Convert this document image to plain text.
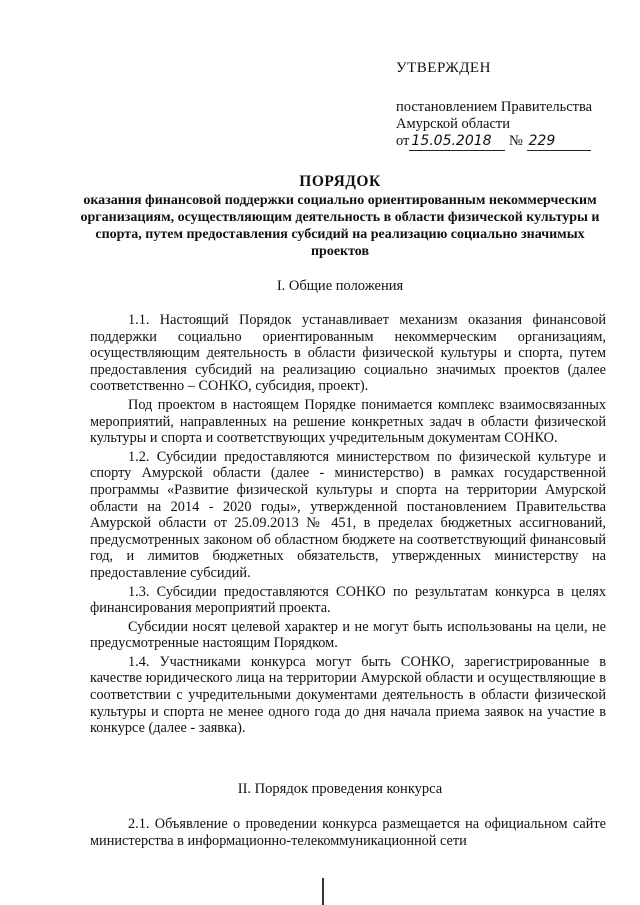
УТВЕРЖДЕН
постановлением Правительства
Амурской области
от 15.05.2018 № 229
ПОРЯДОК
оказания финансовой поддержки социально ориентированным некоммерческим организациям, осуществляющим деятельность в области физической культуры и спорта, путем предоставления субсидий на реализацию социально значимых проектов
I. Общие положения

1.1. Настоящий Порядок устанавливает механизм оказания финансовой поддержки социально ориентированным некоммерческим организациям, осуществляющим деятельность в области физической культуры и спорта, путем предоставления субсидий на реализацию социально значимых проектов (далее соответственно – СОНКО, субсидия, проект).

Под проектом в настоящем Порядке понимается комплекс взаимосвязанных мероприятий, направленных на решение конкретных задач в области физической культуры и спорта и соответствующих учредительным документам СОНКО.

1.2. Субсидии предоставляются министерством по физической культуре и спорту Амурской области (далее - министерство) в рамках государственной программы «Развитие физической культуры и спорта на территории Амурской области на 2014 - 2020 годы», утвержденной постановлением Правительства Амурской области от 25.09.2013 № 451, в пределах бюджетных ассигнований, предусмотренных законом об областном бюджете на соответствующий финансовый год, и лимитов бюджетных обязательств, утвержденных министерству на предоставление субсидий.

1.3. Субсидии предоставляются СОНКО по результатам конкурса в целях финансирования мероприятий проекта.

Субсидии носят целевой характер и не могут быть использованы на цели, не предусмотренные настоящим Порядком.

1.4. Участниками конкурса могут быть СОНКО, зарегистрированные в качестве юридического лица на территории Амурской области и осуществляющие в соответствии с учредительными документами деятельность в области физической культуры и спорта не менее одного года до дня начала приема заявок на участие в конкурсе (далее - заявка).

II. Порядок проведения конкурса

2.1. Объявление о проведении конкурса размещается на официальном сайте министерства в информационно-телекоммуникационной сети
